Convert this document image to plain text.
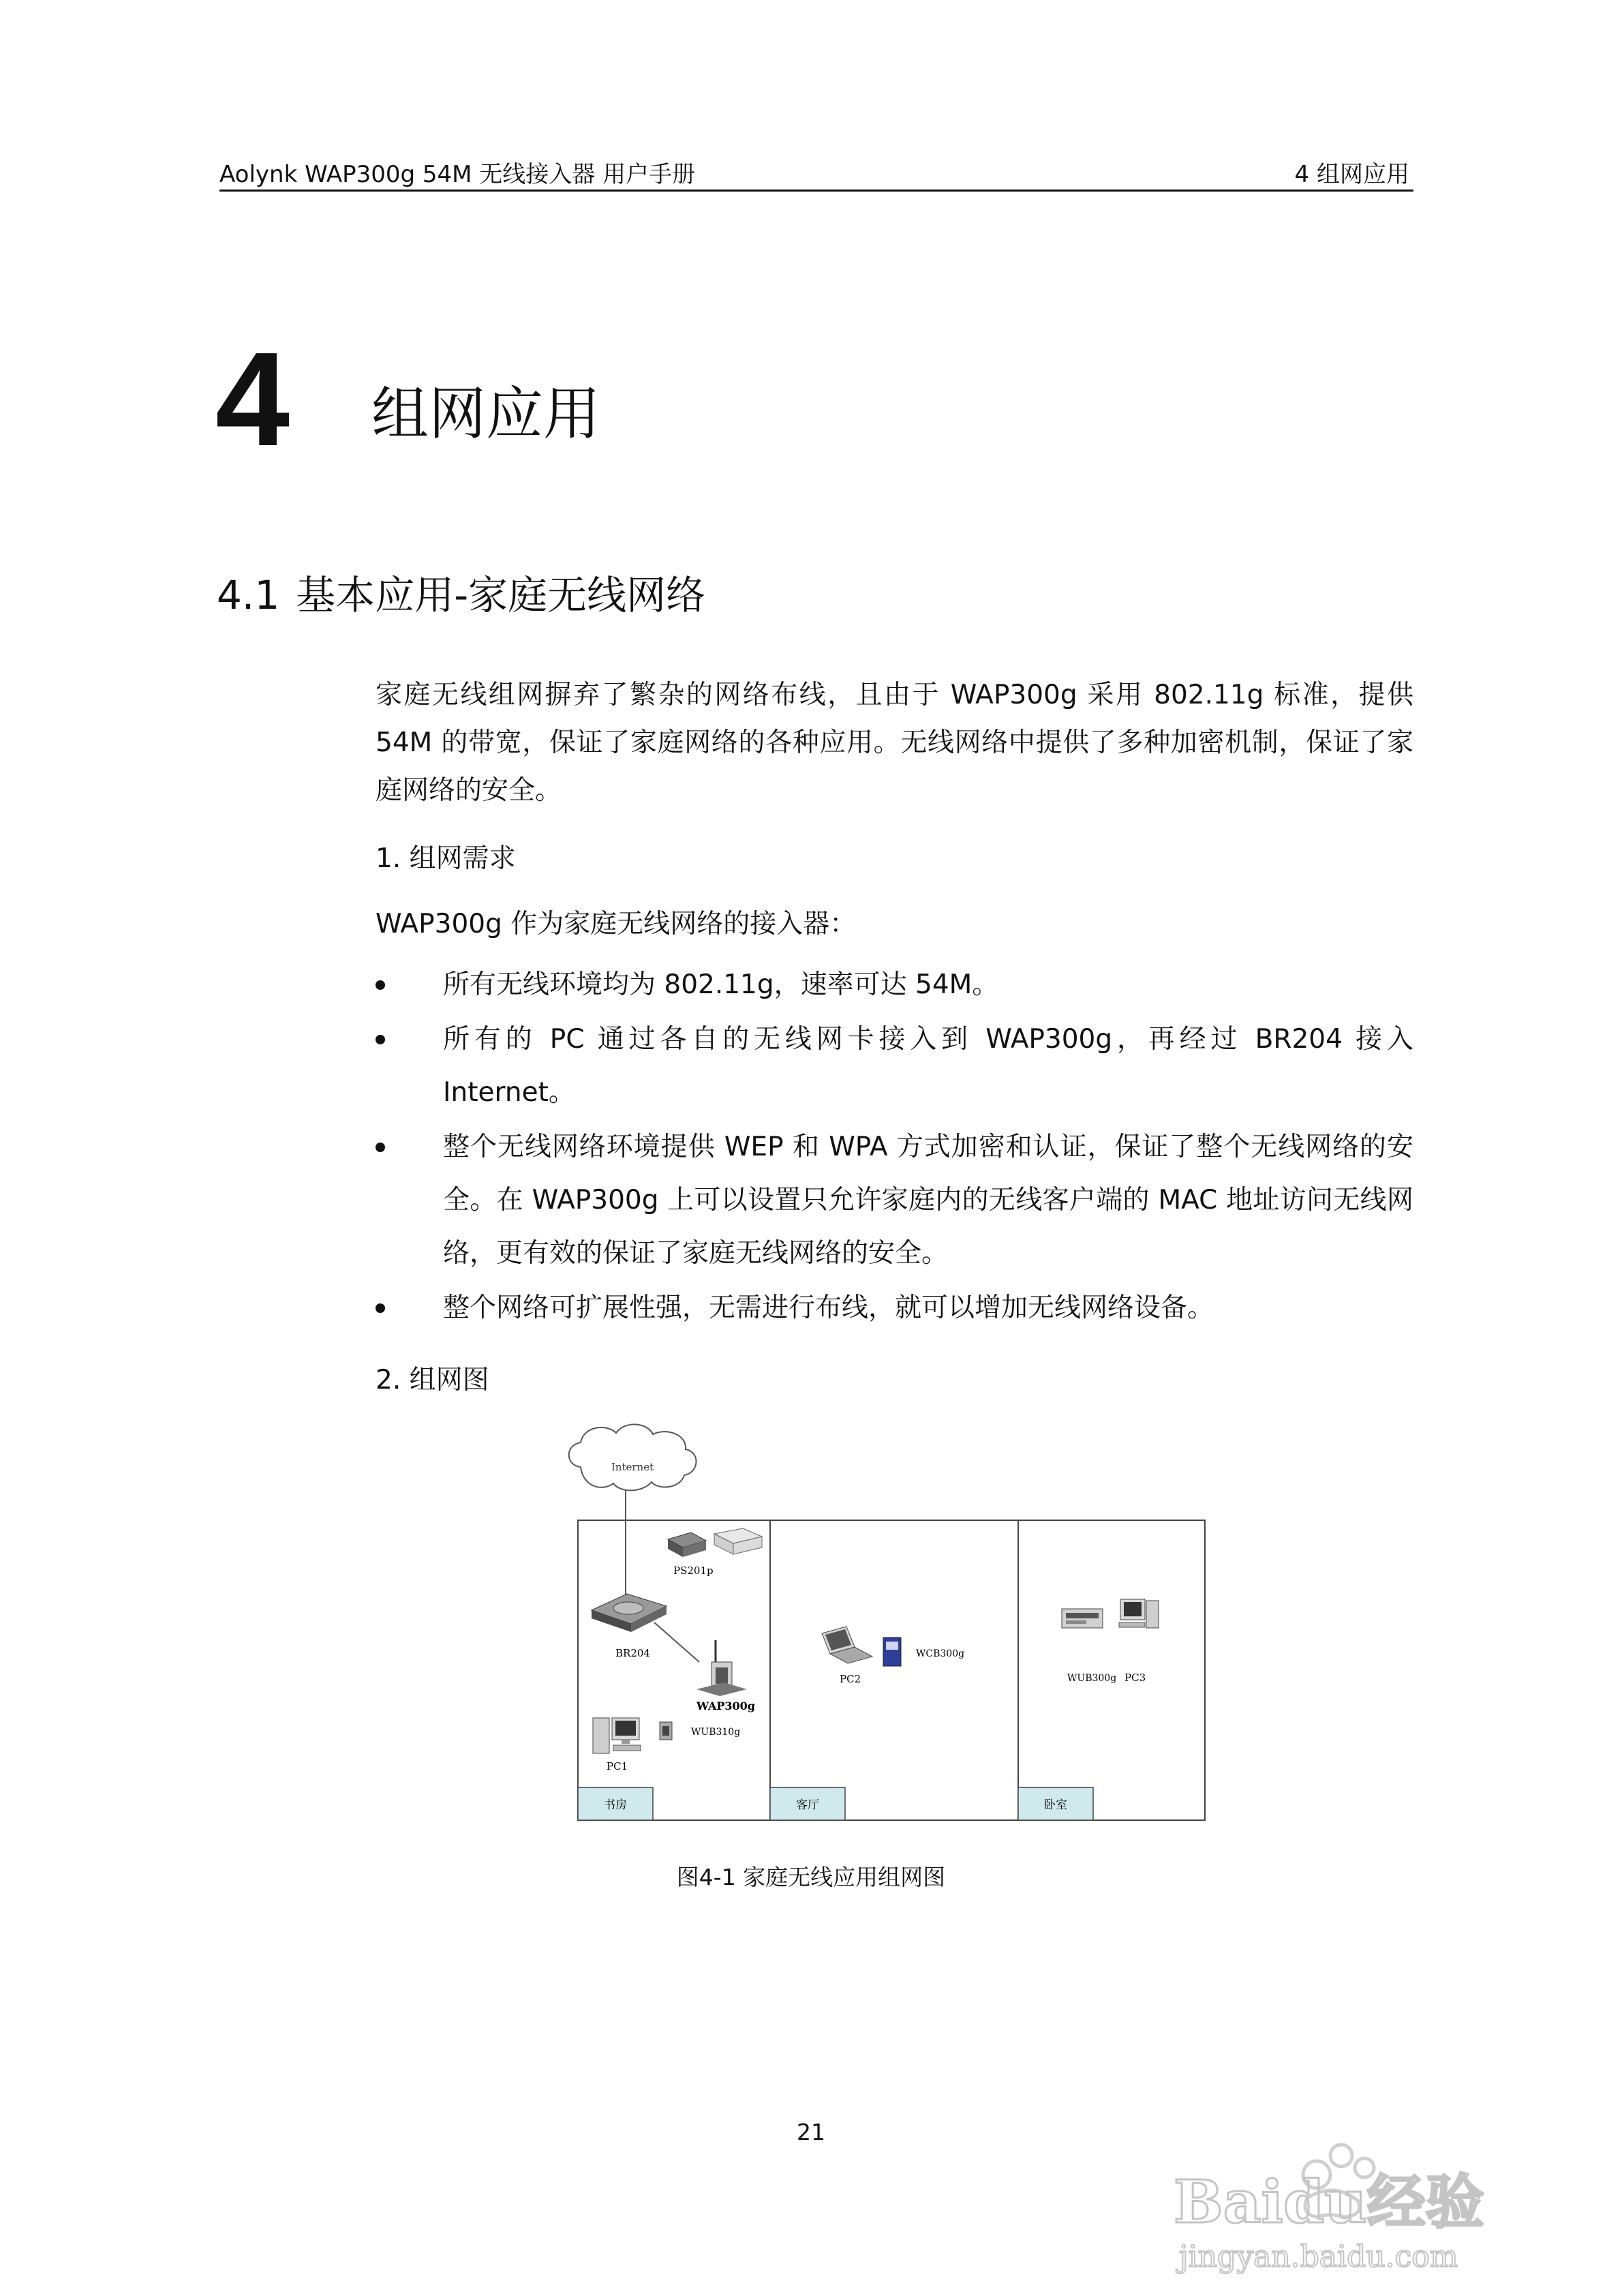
Aolynk WAP300g 54M 无线接入器 用户手册	4 组网应用
4 组网应用
4.1 基本应用-家庭无线网络
家庭无线组网摒弃了繁杂的网络布线，且由于 WAP300g 采用 802.11g 标准，提供 54M 的带宽，保证了家庭网络的各种应用。无线网络中提供了多种加密机制，保证了家庭网络的安全。
1. 组网需求
WAP300g 作为家庭无线网络的接入器：
所有无线环境均为 802.11g，速率可达 54M。
所有的 PC 通过各自的无线网卡接入到 WAP300g，再经过 BR204 接入 Internet。
整个无线网络环境提供 WEP 和 WPA 方式加密和认证，保证了整个无线网络的安全。在 WAP300g 上可以设置只允许家庭内的无线客户端的 MAC 地址访问无线网络，更有效的保证了家庭无线网络的安全。
整个网络可扩展性强，无需进行布线，就可以增加无线网络设备。
2. 组网图
书房	客厅	卧室
Internet
PS201p
BR204
WAP300g
PC1
WUB310g
PC2
WCB300g
WUB300g PC3
图4-1 家庭无线应用组网图
21
Baidu经验
jingyan.baidu.com
